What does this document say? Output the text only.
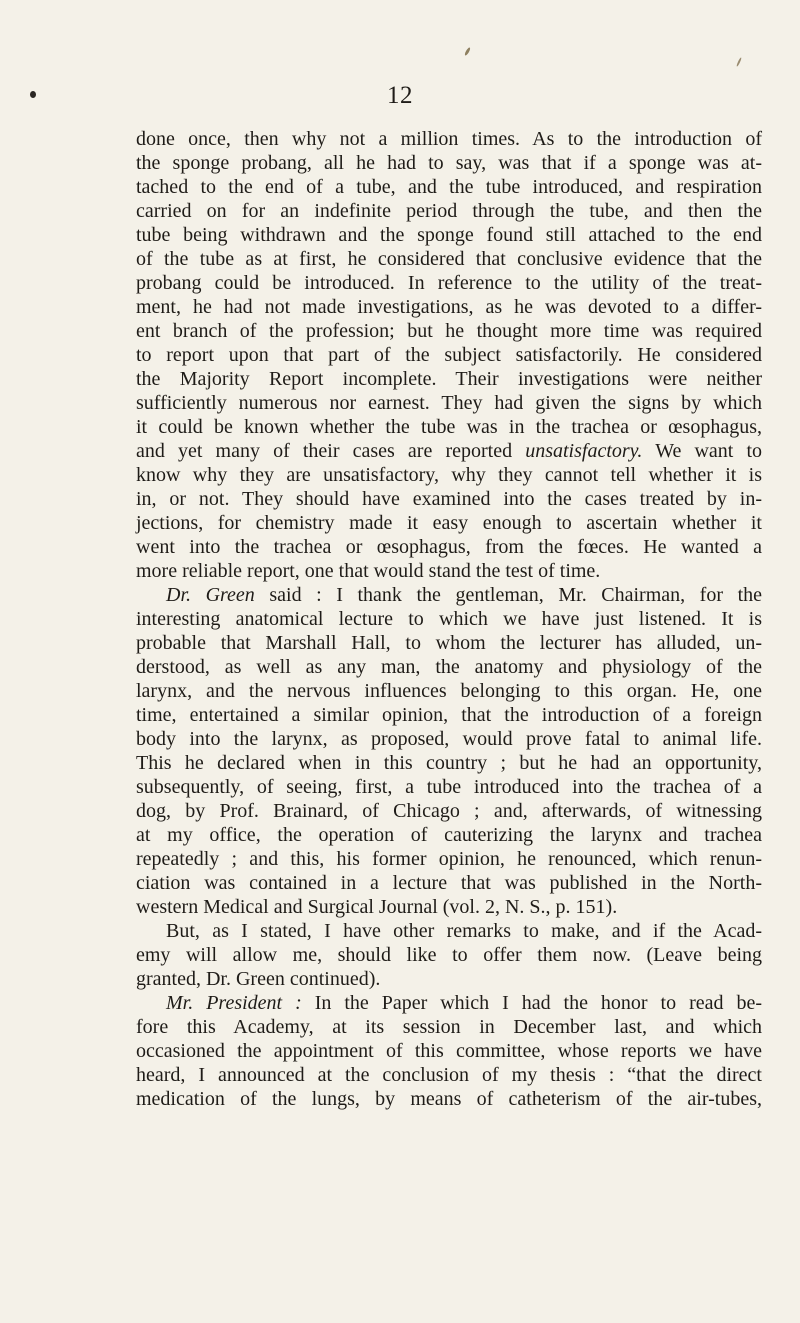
12
done once, then why not a million times. As to the introduction of
the sponge probang, all he had to say, was that if a sponge was at-
tached to the end of a tube, and the tube introduced, and respiration
carried on for an indefinite period through the tube, and then the
tube being withdrawn and the sponge found still attached to the end
of the tube as at first, he considered that conclusive evidence that the
probang could be introduced. In reference to the utility of the treat-
ment, he had not made investigations, as he was devoted to a differ-
ent branch of the profession; but he thought more time was required
to report upon that part of the subject satisfactorily. He considered
the Majority Report incomplete. Their investigations were neither
sufficiently numerous nor earnest. They had given the signs by which
it could be known whether the tube was in the trachea or œsophagus,
and yet many of their cases are reported unsatisfactory. We want to
know why they are unsatisfactory, why they cannot tell whether it is
in, or not. They should have examined into the cases treated by in-
jections, for chemistry made it easy enough to ascertain whether it
went into the trachea or œsophagus, from the fœces. He wanted a
more reliable report, one that would stand the test of time.
Dr. Green said : I thank the gentleman, Mr. Chairman, for the
interesting anatomical lecture to which we have just listened. It is
probable that Marshall Hall, to whom the lecturer has alluded, un-
derstood, as well as any man, the anatomy and physiology of the
larynx, and the nervous influences belonging to this organ. He, one
time, entertained a similar opinion, that the introduction of a foreign
body into the larynx, as proposed, would prove fatal to animal life.
This he declared when in this country ; but he had an opportunity,
subsequently, of seeing, first, a tube introduced into the trachea of a
dog, by Prof. Brainard, of Chicago ; and, afterwards, of witnessing
at my office, the operation of cauterizing the larynx and trachea
repeatedly ; and this, his former opinion, he renounced, which renun-
ciation was contained in a lecture that was published in the North-
western Medical and Surgical Journal (vol. 2, N. S., p. 151).
But, as I stated, I have other remarks to make, and if the Acad-
emy will allow me, should like to offer them now. (Leave being
granted, Dr. Green continued).
Mr. President : In the Paper which I had the honor to read be-
fore this Academy, at its session in December last, and which
occasioned the appointment of this committee, whose reports we have
heard, I announced at the conclusion of my thesis : “that the direct
medication of the lungs, by means of catheterism of the air-tubes,
